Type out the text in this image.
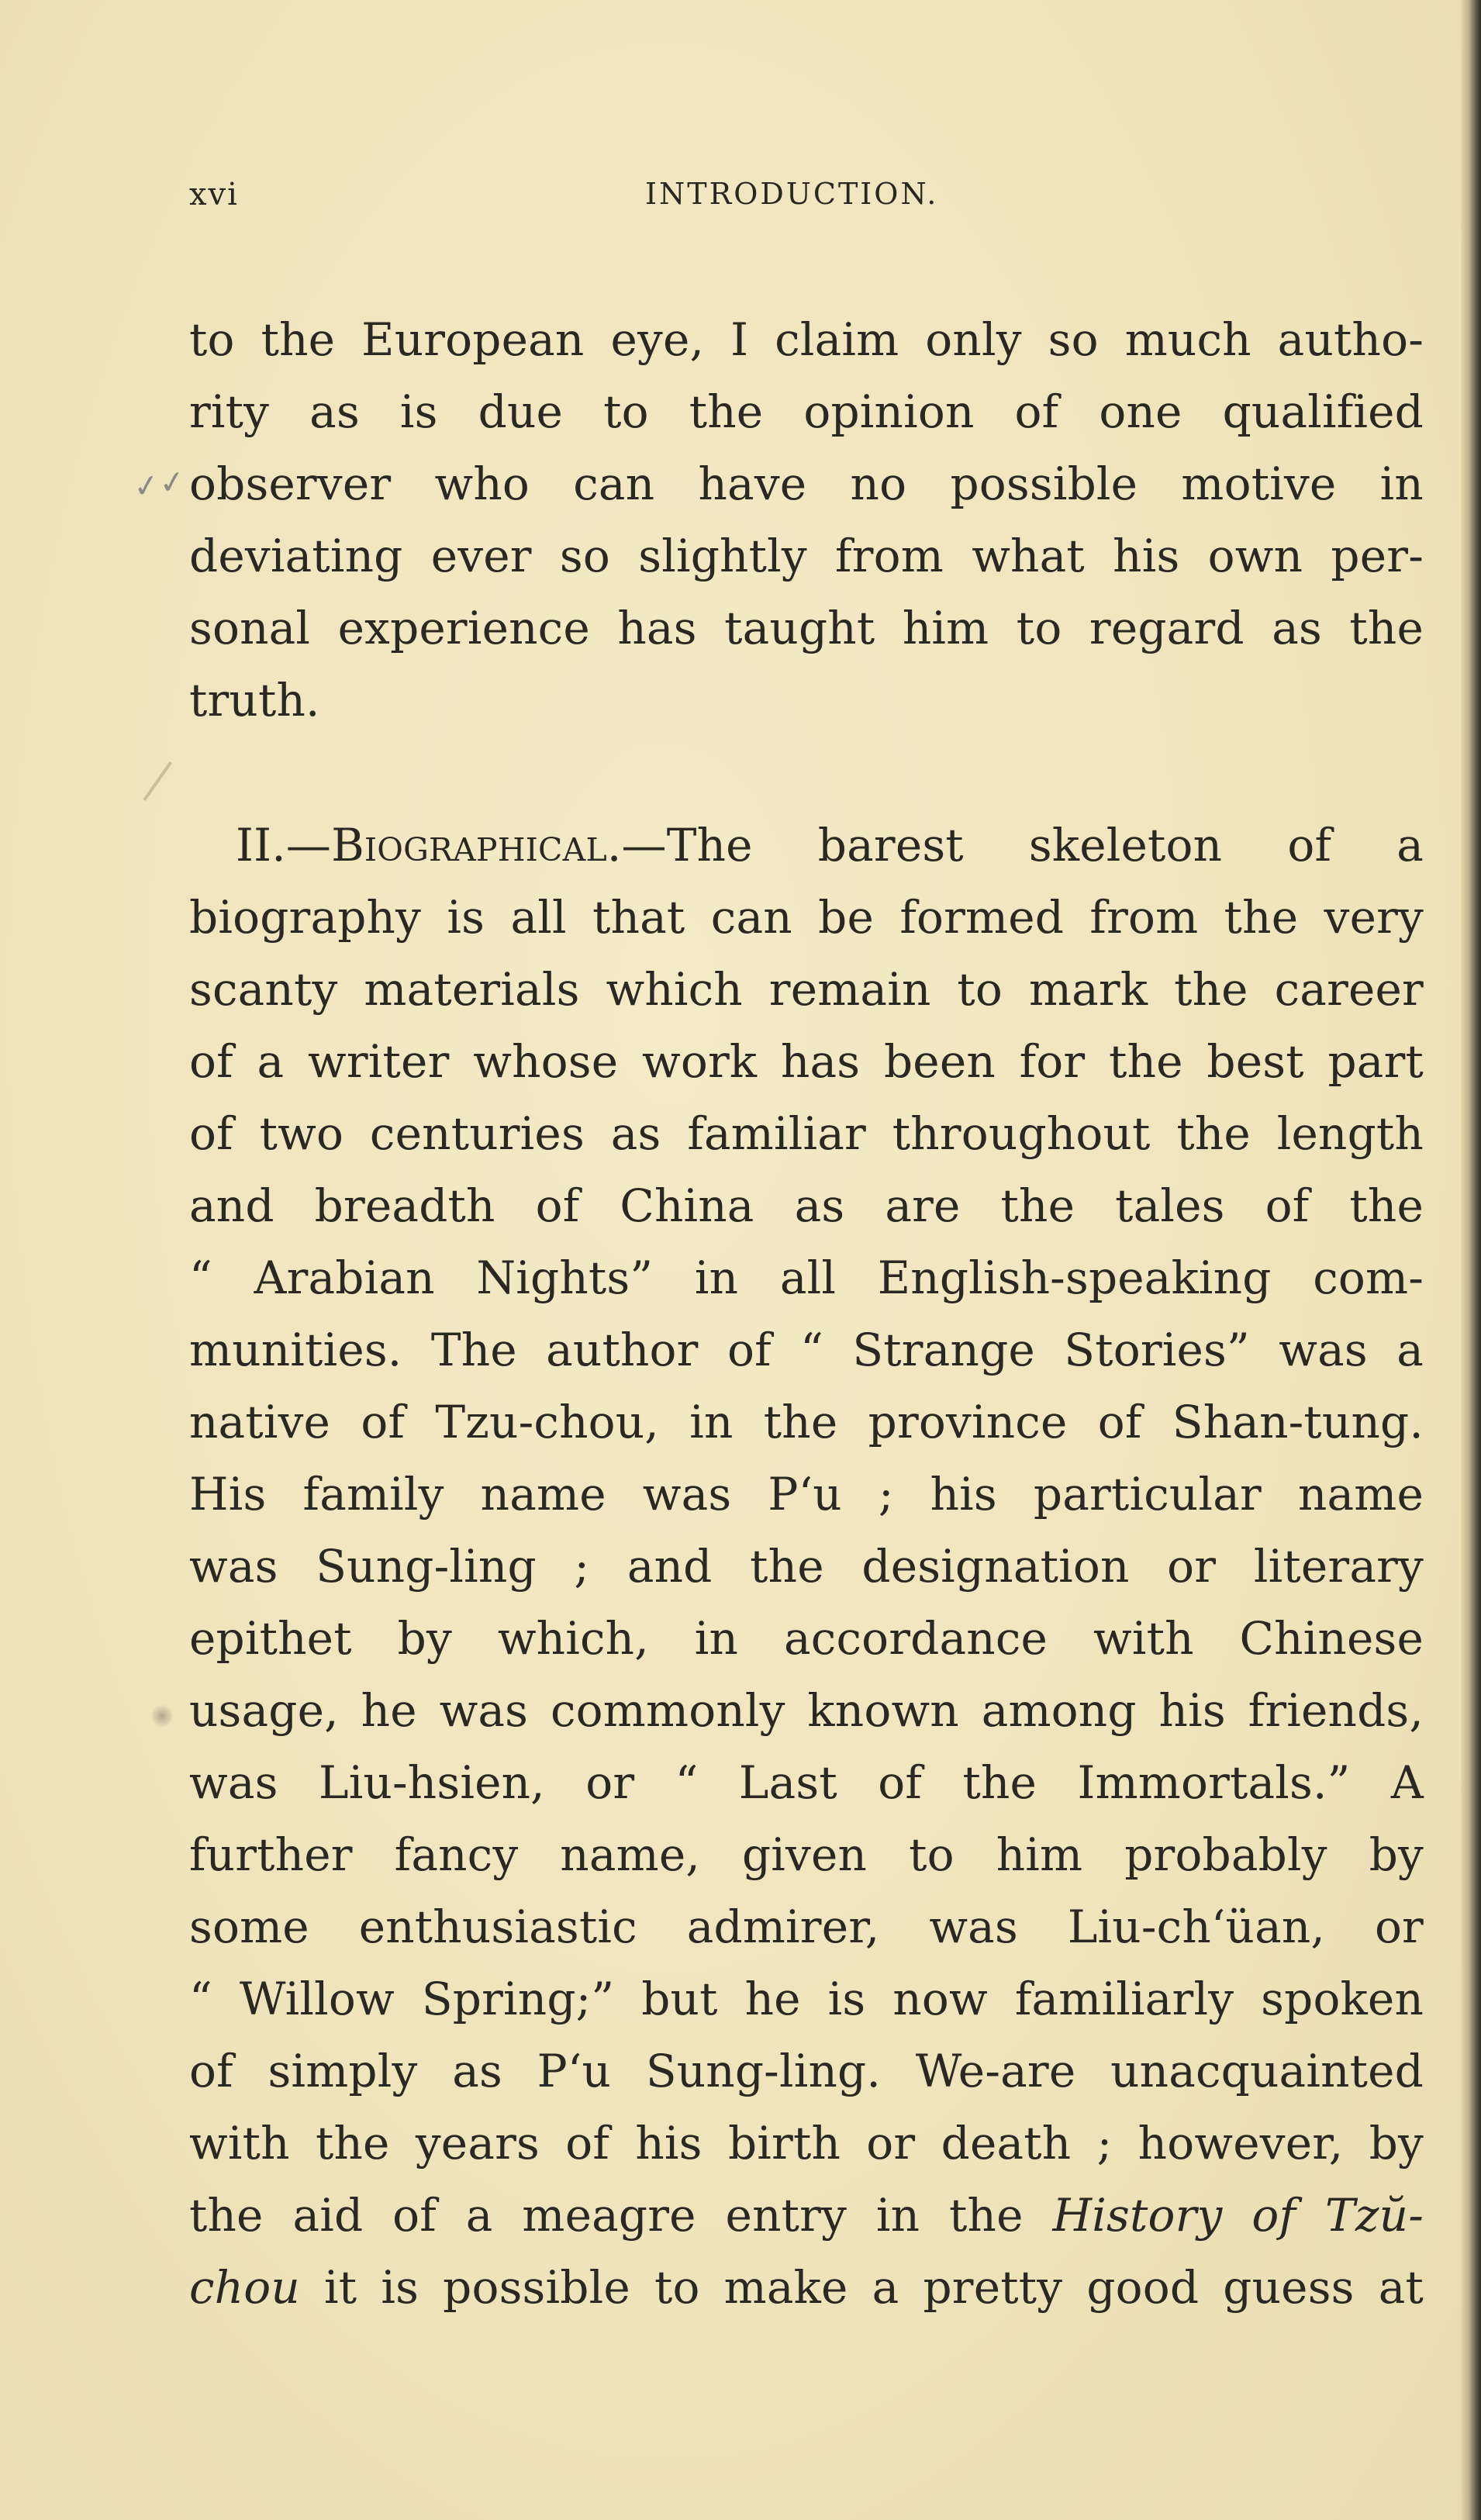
xvi	INTRODUCTION.
✓✓
to the European eye, I claim only so much autho-
rity as is due to the opinion of one qualified
observer who can have no possible motive in
deviating ever so slightly from what his own per-
sonal experience has taught him to regard as the
truth.
II.—Biographical.—The barest skeleton of a
biography is all that can be formed from the very
scanty materials which remain to mark the career
of a writer whose work has been for the best part
of two centuries as familiar throughout the length
and breadth of China as are the tales of the
“ Arabian Nights” in all English-speaking com-
munities. The author of “ Strange Stories” was a
native of Tzu-chou, in the province of Shan-tung.
His family name was P‘u ; his particular name
was Sung-ling ; and the designation or literary
epithet by which, in accordance with Chinese
usage, he was commonly known among his friends,
was Liu-hsien, or “ Last of the Immortals.” A
further fancy name, given to him probably by
some enthusiastic admirer, was Liu-ch‘üan, or
“ Willow Spring;” but he is now familiarly spoken
of simply as P‘u Sung-ling. We-are unacquainted
with the years of his birth or death ; however, by
the aid of a meagre entry in the History of Tzŭ-
chou it is possible to make a pretty good guess at
